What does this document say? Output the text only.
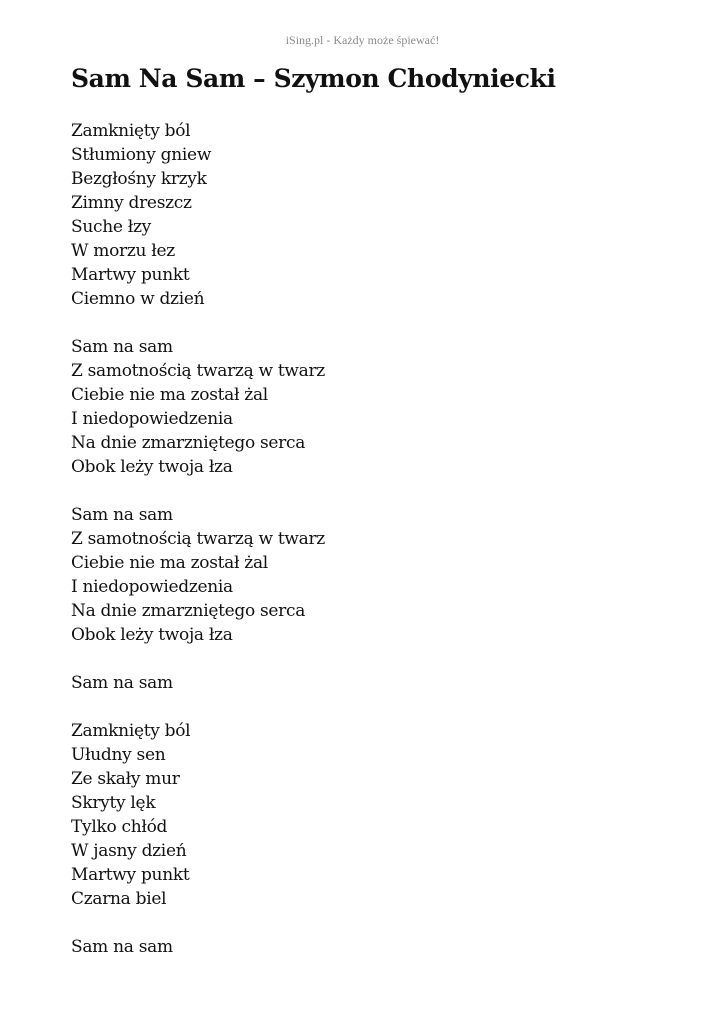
iSing.pl - Każdy może śpiewać!
Sam Na Sam – Szymon Chodyniecki
Zamknięty ból
Stłumiony gniew
Bezgłośny krzyk
Zimny dreszcz
Suche łzy
W morzu łez
Martwy punkt
Ciemno w dzień
Sam na sam
Z samotnością twarzą w twarz
Ciebie nie ma został żal
I niedopowiedzenia
Na dnie zmarzniętego serca
Obok leży twoja łza
Sam na sam
Z samotnością twarzą w twarz
Ciebie nie ma został żal
I niedopowiedzenia
Na dnie zmarzniętego serca
Obok leży twoja łza
Sam na sam
Zamknięty ból
Ułudny sen
Ze skały mur
Skryty lęk
Tylko chłód
W jasny dzień
Martwy punkt
Czarna biel
Sam na sam
